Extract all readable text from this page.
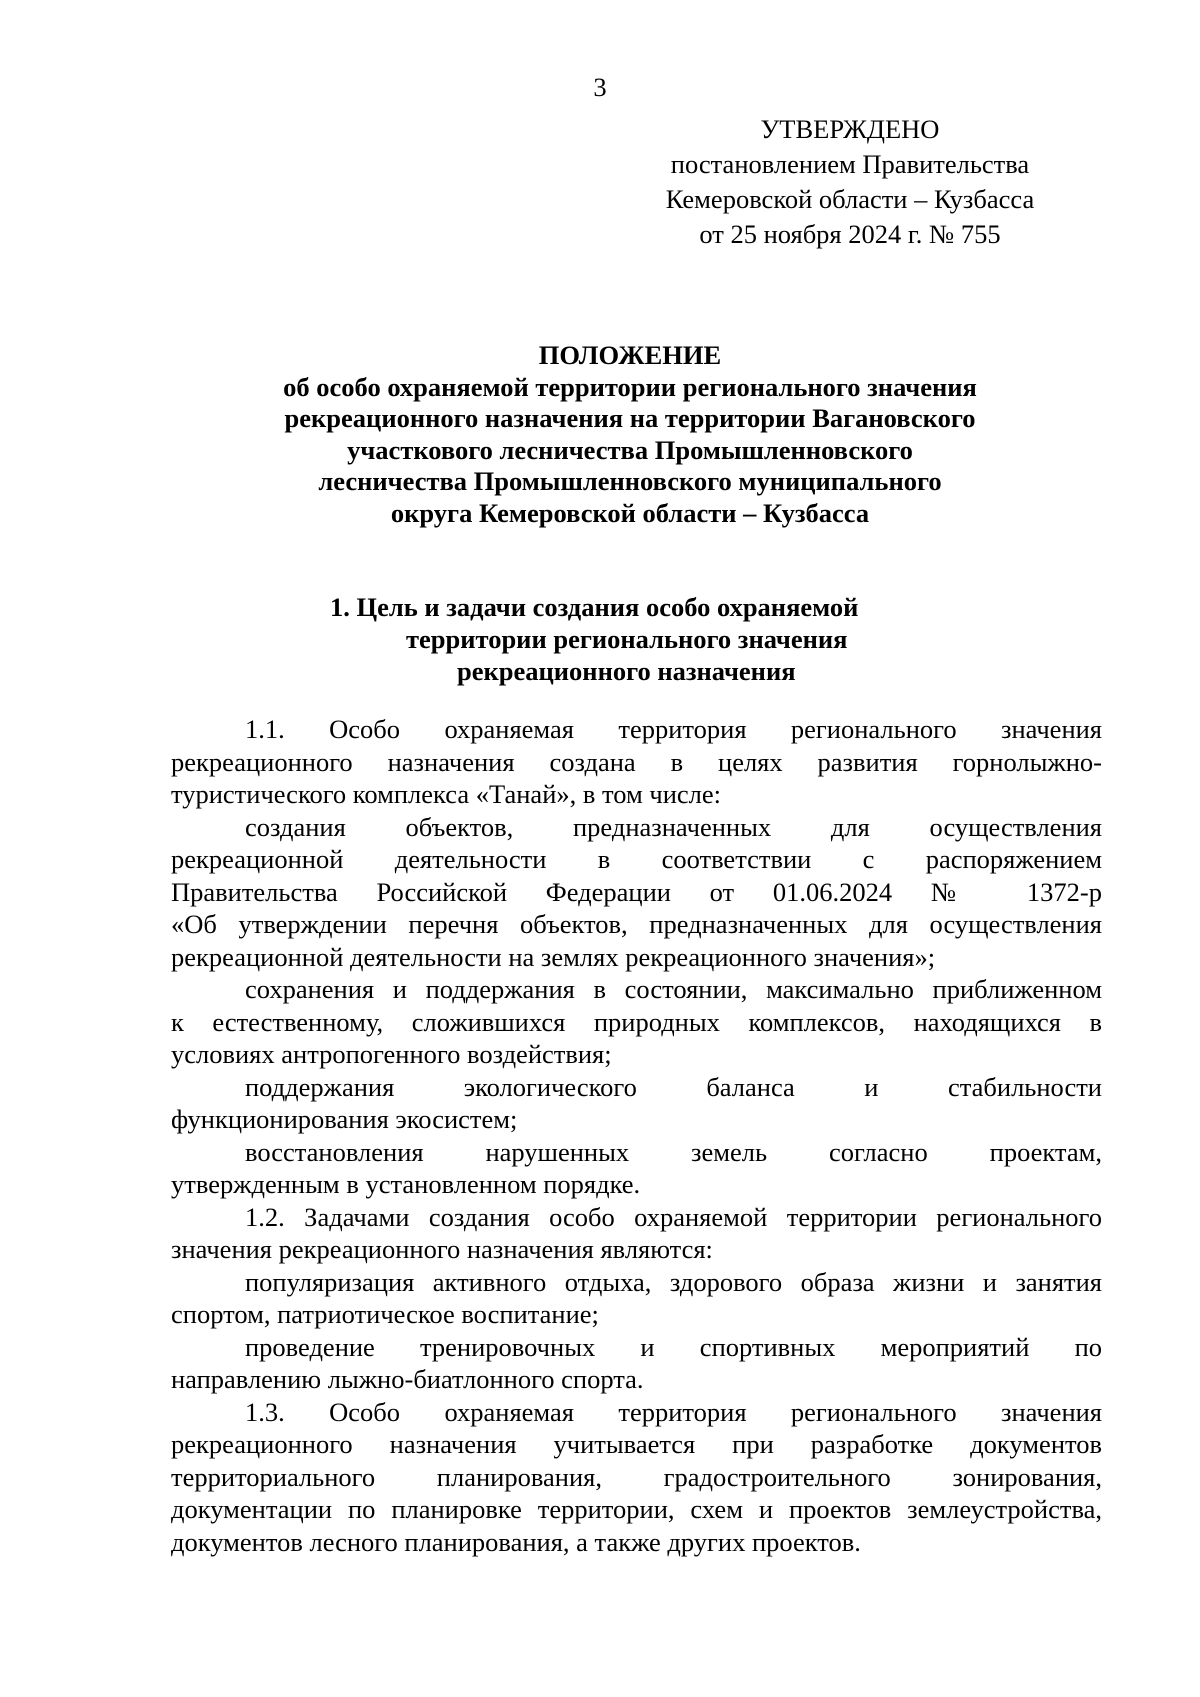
3
УТВЕРЖДЕНО
постановлением Правительства
Кемеровской области – Кузбасса
от 25 ноября 2024 г. № 755
ПОЛОЖЕНИЕ
об особо охраняемой территории регионального значения
рекреационного назначения на территории Вагановского
участкового лесничества Промышленновского
лесничества Промышленновского муниципального
округа Кемеровской области – Кузбасса
1. Цель и задачи создания особо охраняемой
территории регионального значения
рекреационного назначения
1.1. Особо охраняемая территория регионального значения
рекреационного назначения создана в целях развития горнолыжно-
туристического комплекса «Танай», в том числе:
создания объектов, предназначенных для осуществления
рекреационной деятельности в соответствии с распоряжением
Правительства Российской Федерации от 01.06.2024 № 1372-р
«Об утверждении перечня объектов, предназначенных для осуществления
рекреационной деятельности на землях рекреационного значения»;
сохранения и поддержания в состоянии, максимально приближенном
к естественному, сложившихся природных комплексов, находящихся в
условиях антропогенного воздействия;
поддержания экологического баланса и стабильности
функционирования экосистем;
восстановления нарушенных земель согласно проектам,
утвержденным в установленном порядке.
1.2. Задачами создания особо охраняемой территории регионального
значения рекреационного назначения являются:
популяризация активного отдыха, здорового образа жизни и занятия
спортом, патриотическое воспитание;
проведение тренировочных и спортивных мероприятий по
направлению лыжно-биатлонного спорта.
1.3. Особо охраняемая территория регионального значения
рекреационного назначения учитывается при разработке документов
территориального планирования, градостроительного зонирования,
документации по планировке территории, схем и проектов землеустройства,
документов лесного планирования, а также других проектов.
